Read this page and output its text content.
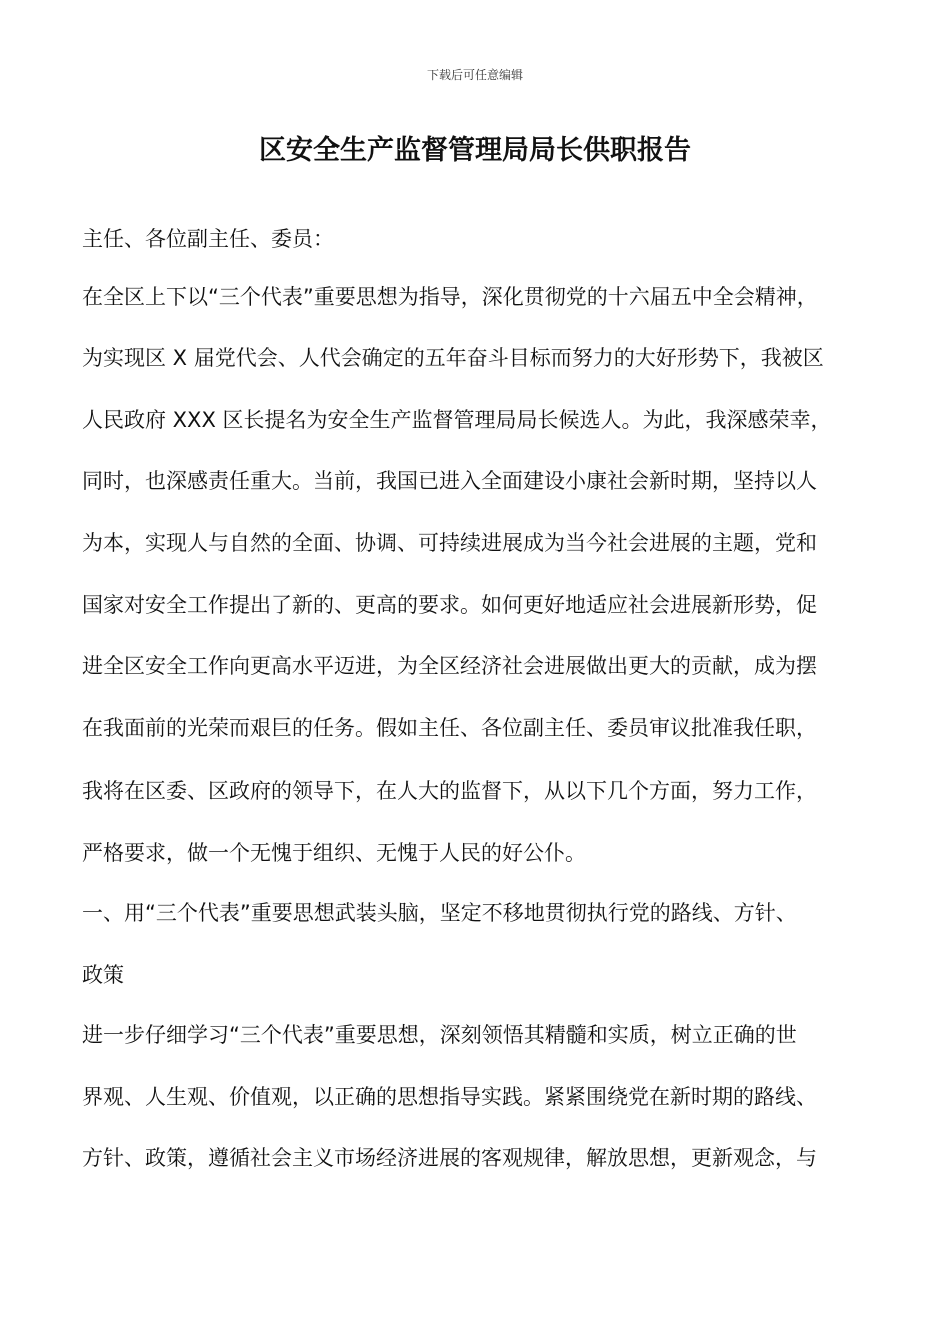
下载后可任意编辑
区安全生产监督管理局局长供职报告
主任、各位副主任、委员：
在全区上下以“三个代表”重要思想为指导，深化贯彻党的十六届五中全会精神，
为实现区 X 届党代会、人代会确定的五年奋斗目标而努力的大好形势下，我被区
人民政府 XXX 区长提名为安全生产监督管理局局长候选人。为此，我深感荣幸，
同时，也深感责任重大。当前，我国已进入全面建设小康社会新时期，坚持以人
为本，实现人与自然的全面、协调、可持续进展成为当今社会进展的主题，党和
国家对安全工作提出了新的、更高的要求。如何更好地适应社会进展新形势，促
进全区安全工作向更高水平迈进，为全区经济社会进展做出更大的贡献，成为摆
在我面前的光荣而艰巨的任务。假如主任、各位副主任、委员审议批准我任职，
我将在区委、区政府的领导下，在人大的监督下，从以下几个方面，努力工作，
严格要求，做一个无愧于组织、无愧于人民的好公仆。
一、用“三个代表”重要思想武装头脑，坚定不移地贯彻执行党的路线、方针、
政策
进一步仔细学习“三个代表”重要思想，深刻领悟其精髓和实质，树立正确的世
界观、人生观、价值观，以正确的思想指导实践。紧紧围绕党在新时期的路线、
方针、政策，遵循社会主义市场经济进展的客观规律，解放思想，更新观念，与
